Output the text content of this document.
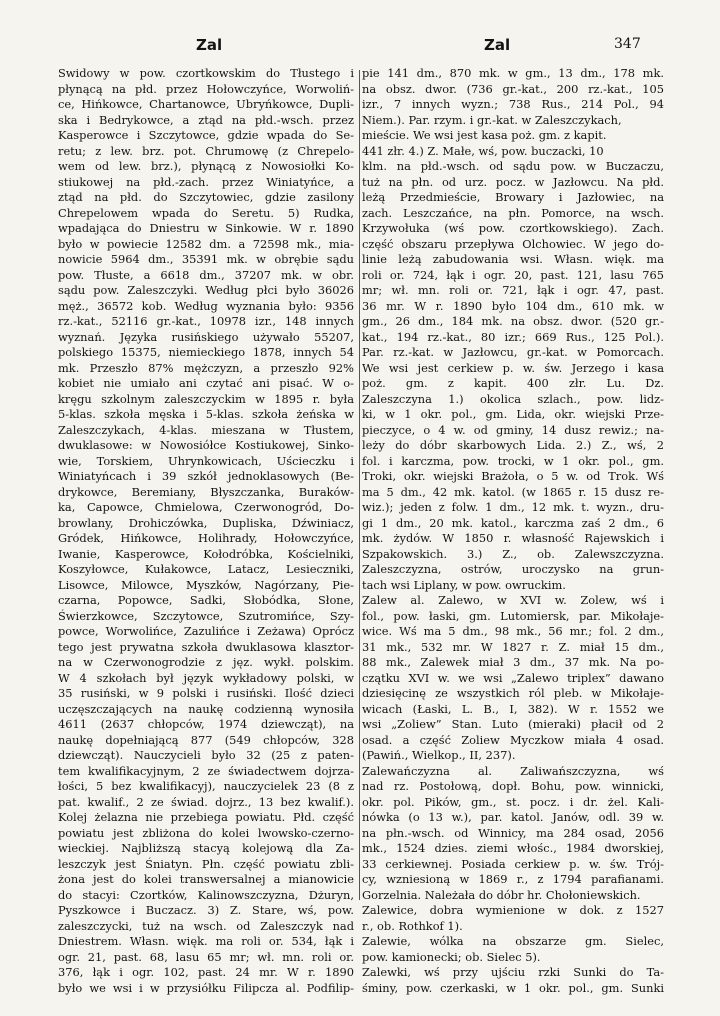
Zal	Zal	347
Swidowy w pow. czortkowskim do Tłustego i
płynącą na płd. przez Hołowczyńce, Worwoliń-
ce, Hińkowce, Chartanowce, Ubryńkowce, Dupli-
ska i Bedrykowce, a ztąd na płd.-wsch. przez
Kasperowce i Szczytowce, gdzie wpada do Se-
retu; z lew. brz. pot. Chrumowę (z Chrepelo-
wem od lew. brz.), płynącą z Nowosiołki Ko-
stiukowej na płd.-zach. przez Winiatyńce, a
ztąd na płd. do Szczytowiec, gdzie zasilony
Chrepelowem wpada do Seretu. 5) Rudka,
wpadająca do Dniestru w Sinkowie. W r. 1890
było w powiecie 12582 dm. a 72598 mk., mia-
nowicie 5964 dm., 35391 mk. w obrębie sądu
pow. Tłuste, a 6618 dm., 37207 mk. w obr.
sądu pow. Zaleszczyki. Według płci było 36026
męż., 36572 kob. Według wyznania było: 9356
rz.-kat., 52116 gr.-kat., 10978 izr., 148 innych
wyznań. Języka rusińskiego używało 55207,
polskiego 15375, niemieckiego 1878, innych 54
mk. Przeszło 87% mężczyzn, a przeszło 92%
kobiet nie umiało ani czytać ani pisać. W o-
kręgu szkolnym zaleszczyckim w 1895 r. była
5-klas. szkoła męska i 5-klas. szkoła żeńska w
Zaleszczykach, 4-klas. mieszana w Tłustem,
dwuklasowe: w Nowosiółce Kostiukowej, Sinko-
wie, Torskiem, Uhrynkowicach, Uścieczku i
Winiatyńcach i 39 szkół jednoklasowych (Be-
drykowce, Beremiany, Błyszczanka, Buraków-
ka, Capowce, Chmielowa, Czerwonogród, Do-
browlany, Drohiczówka, Dupliska, Dźwiniacz,
Gródek, Hińkowce, Holihrady, Hołowczyńce,
Iwanie, Kasperowce, Kołodróbka, Kościelniki,
Koszyłowce, Kułakowce, Latacz, Lesieczniki,
Lisowce, Milowce, Myszków, Nagórzany, Pie-
czarna, Popowce, Sadki, Słobódka, Słone,
Świerzkowce, Szczytowce, Szutromińce, Szy-
powce, Worwolińce, Zazulińce i Zeżawa) Oprócz
tego jest prywatna szkoła dwuklasowa klasztor-
na w Czerwonogrodzie z jęz. wykł. polskim.
W 4 szkołach był język wykładowy polski, w
35 rusiński, w 9 polski i rusiński. Ilość dzieci
uczęszczających na naukę codzienną wynosiła
4611 (2637 chłopców, 1974 dziewcząt), na
naukę dopełniającą 877 (549 chłopców, 328
dziewcząt). Nauczycieli było 32 (25 z paten-
tem kwalifikacyjnym, 2 ze świadectwem dojrza-
łości, 5 bez kwalifikacyj), nauczycielek 23 (8 z
pat. kwalif., 2 ze świad. dojrz., 13 bez kwalif.).
Kolej żelazna nie przebiega powiatu. Płd. część
powiatu jest zbliżona do kolei lwowsko-czerno-
wieckiej. Najbliższą stacyą kolejową dla Za-
leszczyk jest Śniatyn. Płn. część powiatu zbli-
żona jest do kolei transwersalnej a mianowicie
do stacyi: Czortków, Kalinowszczyzna, Dżuryn,
Pyszkowce i Buczacz. 3) Z. Stare, wś, pow.
zaleszczycki, tuż na wsch. od Zaleszczyk nad
Dniestrem. Własn. więk. ma roli or. 534, łąk i
ogr. 21, past. 68, lasu 65 mr; wł. mn. roli or.
376, łąk i ogr. 102, past. 24 mr. W r. 1890
było we wsi i w przysiółku Filipcza al. Podfilip-
pie 141 dm., 870 mk. w gm., 13 dm., 178 mk.
na obsz. dwor. (736 gr.-kat., 200 rz.-kat., 105
izr., 7 innych wyzn.; 738 Rus., 214 Pol., 94
Niem.). Par. rzym. i gr.-kat. w Zaleszczykach,
mieście. We wsi jest kasa poż. gm. z kapit.
441 złr. 4.) Z. Małe, wś, pow. buczacki, 10
klm. na płd.-wsch. od sądu pow. w Buczaczu,
tuż na płn. od urz. pocz. w Jazłowcu. Na płd.
leżą Przedmieście, Browary i Jazłowiec, na
zach. Leszczańce, na płn. Pomorce, na wsch.
Krzywołuka (wś pow. czortkowskiego). Zach.
część obszaru przepływa Olchowiec. W jego do-
linie leżą zabudowania wsi. Własn. więk. ma
roli or. 724, łąk i ogr. 20, past. 121, lasu 765
mr; wł. mn. roli or. 721, łąk i ogr. 47, past.
36 mr. W r. 1890 było 104 dm., 610 mk. w
gm., 26 dm., 184 mk. na obsz. dwor. (520 gr.-
kat., 194 rz.-kat., 80 izr.; 669 Rus., 125 Pol.).
Par. rz.-kat. w Jazłowcu, gr.-kat. w Pomorcach.
We wsi jest cerkiew p. w. św. Jerzego i kasa
poż. gm. z kapit. 400 złr. Lu. Dz.
Zaleszczyna 1.) okolica szlach., pow. lidz-
ki, w 1 okr. pol., gm. Lida, okr. wiejski Prze-
pieczyce, o 4 w. od gminy, 14 dusz rewiz.; na-
leży do dóbr skarbowych Lida. 2.) Z., wś, 2
fol. i karczma, pow. trocki, w 1 okr. pol., gm.
Troki, okr. wiejski Brażoła, o 5 w. od Trok. Wś
ma 5 dm., 42 mk. katol. (w 1865 r. 15 dusz re-
wiz.); jeden z folw. 1 dm., 12 mk. t. wyzn., dru-
gi 1 dm., 20 mk. katol., karczma zaś 2 dm., 6
mk. żydów. W 1850 r. własność Rajewskich i
Szpakowskich. 3.) Z., ob. Zalewszczyzna.
Zaleszczyzna, ostrów, uroczysko na grun-
tach wsi Liplany, w pow. owruckim.
Zalew al. Zalewo, w XVI w. Zolew, wś i
fol., pow. łaski, gm. Lutomiersk, par. Mikołaje-
wice. Wś ma 5 dm., 98 mk., 56 mr.; fol. 2 dm.,
31 mk., 532 mr. W 1827 r. Z. miał 15 dm.,
88 mk., Zalewek miał 3 dm., 37 mk. Na po-
czątku XVI w. we wsi „Zalewo triplex” dawano
dziesięcinę ze wszystkich ról pleb. w Mikołaje-
wicach (Łaski, L. B., I, 382). W r. 1552 we
wsi „Zoliew” Stan. Luto (mieraki) płacił od 2
osad. a część Zoliew Myczkow miała 4 osad.
(Pawiń., Wielkop., II, 237).
Zalewańczyzna al. Zaliwańszczyzna, wś
nad rz. Postołową, dopł. Bohu, pow. winnicki,
okr. pol. Pików, gm., st. pocz. i dr. żel. Kali-
nówka (o 13 w.), par. katol. Janów, odl. 39 w.
na płn.-wsch. od Winnicy, ma 284 osad, 2056
mk., 1524 dzies. ziemi włośc., 1984 dworskiej,
33 cerkiewnej. Posiada cerkiew p. w. św. Trój-
cy, wzniesioną w 1869 r., z 1794 parafianami.
Gorzelnia. Należała do dóbr hr. Chołoniewskich.
Zalewice, dobra wymienione w dok. z 1527
r., ob. Rothkof 1).
Zalewie, wólka na obszarze gm. Sielec,
pow. kamionecki; ob. Sielec 5).
Zalewki, wś przy ujściu rzki Sunki do Ta-
śminy, pow. czerkaski, w 1 okr. pol., gm. Sunki
